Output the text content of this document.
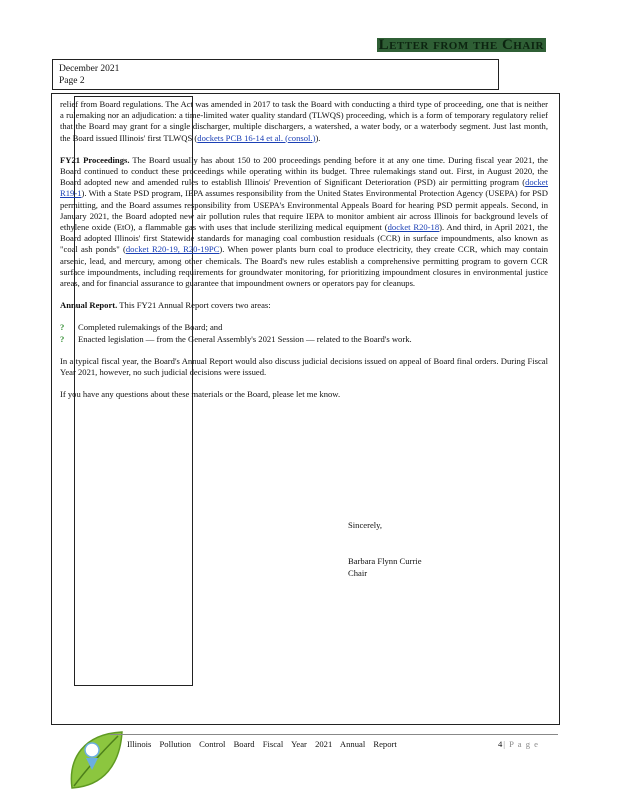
Letter from the Chair
December 2021
Page 2

relief from Board regulations. The Act was amended in 2017 to task the Board with conducting a third type of proceeding, one that is neither a rulemaking nor an adjudication: a time-limited water quality standard (TLWQS) proceeding, which is a form of temporary regulatory relief that the Board may grant for a single discharger, multiple dischargers, a watershed, a water body, or a waterbody segment. Just last month, the Board issued Illinois' first TLWQS (dockets PCB 16-14 et al. (consol.)).

FY21 Proceedings. The Board usually has about 150 to 200 proceedings pending before it at any one time. During fiscal year 2021, the Board continued to conduct these proceedings while operating within its budget. Three rulemakings stand out. First, in August 2020, the Board adopted new and amended rules to establish Illinois' Prevention of Significant Deterioration (PSD) air permitting program (docket R19-1). With a State PSD program, IEPA assumes responsibility from the United States Environmental Protection Agency (USEPA) for PSD permitting, and the Board assumes responsibility from USEPA's Environmental Appeals Board for hearing PSD permit appeals. Second, in January 2021, the Board adopted new air pollution rules that require IEPA to monitor ambient air across Illinois for background levels of ethylene oxide (EtO), a flammable gas with uses that include sterilizing medical equipment (docket R20-18). And third, in April 2021, the Board adopted Illinois' first Statewide standards for managing coal combustion residuals (CCR) in surface impoundments, also known as "coal ash ponds" (docket R20-19, R20-19PC). When power plants burn coal to produce electricity, they create CCR, which may contain arsenic, lead, and mercury, among other chemicals. The Board's new rules establish a comprehensive permitting program to govern CCR surface impoundments, including requirements for groundwater monitoring, for prioritizing impoundment closures in environmental justice areas, and for financial assurance to guarantee that impoundment owners or operators pay for cleanups.

Annual Report. This FY21 Annual Report covers two areas:

?	Completed rulemakings of the Board; and
?	Enacted legislation — from the General Assembly's 2021 Session — related to the Board's work.

In a typical fiscal year, the Board's Annual Report would also discuss judicial decisions issued on appeal of Board final orders. During Fiscal Year 2021, however, no such judicial decisions were issued.

If you have any questions about these materials or the Board, please let me know.

Sincerely,
Barbara Flynn Currie
Chair
Illinois Pollution Control Board Fiscal Year 2021 Annual Report	4| P a g e
